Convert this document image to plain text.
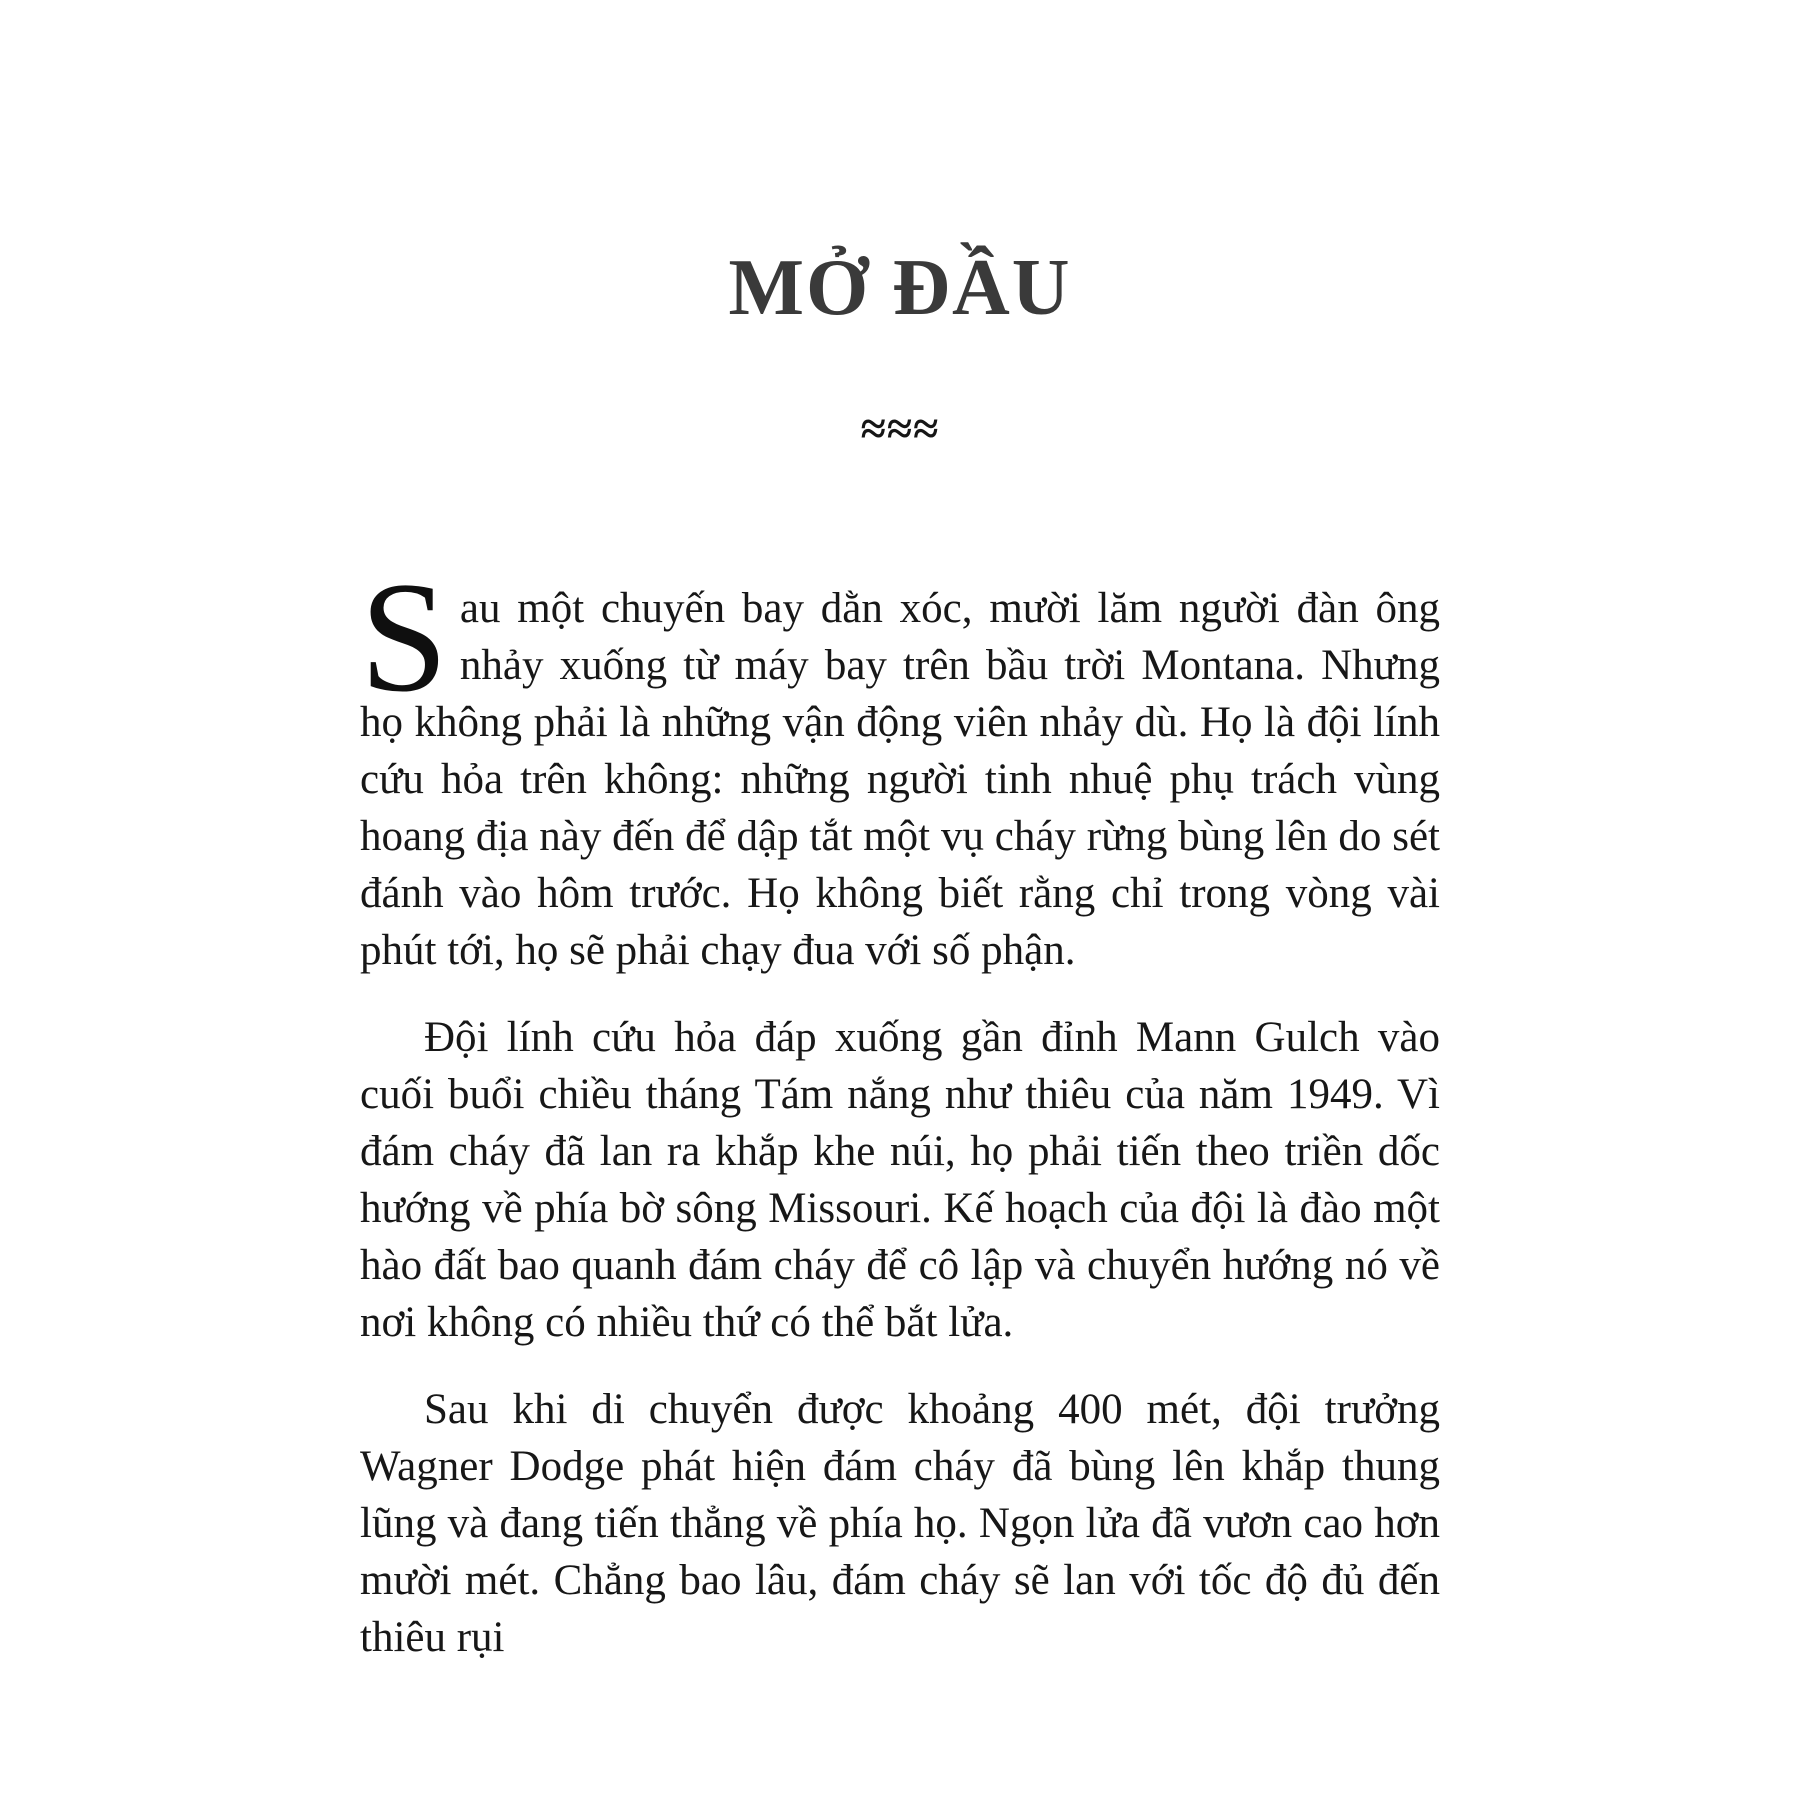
MỞ ĐẦU
≈≈≈

Sau một chuyến bay dằn xóc, mười lăm người đàn ông nhảy xuống từ máy bay trên bầu trời Montana. Nhưng họ không phải là những vận động viên nhảy dù. Họ là đội lính cứu hỏa trên không: những người tinh nhuệ phụ trách vùng hoang địa này đến để dập tắt một vụ cháy rừng bùng lên do sét đánh vào hôm trước. Họ không biết rằng chỉ trong vòng vài phút tới, họ sẽ phải chạy đua với số phận.

Đội lính cứu hỏa đáp xuống gần đỉnh Mann Gulch vào cuối buổi chiều tháng Tám nắng như thiêu của năm 1949. Vì đám cháy đã lan ra khắp khe núi, họ phải tiến theo triền dốc hướng về phía bờ sông Missouri. Kế hoạch của đội là đào một hào đất bao quanh đám cháy để cô lập và chuyển hướng nó về nơi không có nhiều thứ có thể bắt lửa.

Sau khi di chuyển được khoảng 400 mét, đội trưởng Wagner Dodge phát hiện đám cháy đã bùng lên khắp thung lũng và đang tiến thẳng về phía họ. Ngọn lửa đã vươn cao hơn mười mét. Chẳng bao lâu, đám cháy sẽ lan với tốc độ đủ đến thiêu rụi
